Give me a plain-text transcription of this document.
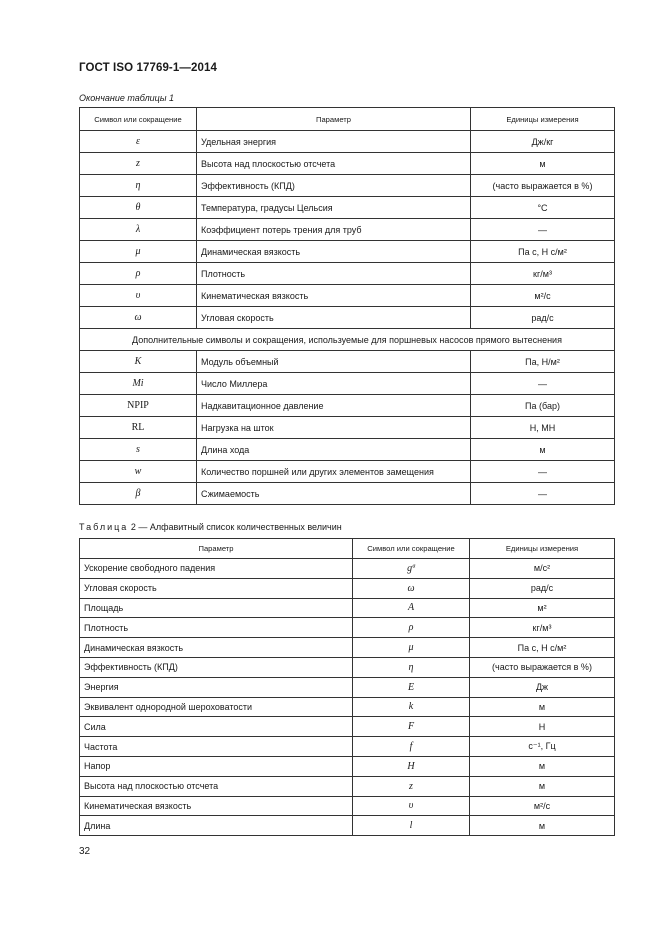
ГОСТ ISO 17769-1—2014
Окончание таблицы 1
Символ или сокращение	Параметр	Единицы измерения
ε	Удельная энергия	Дж/кг
z	Высота над плоскостью отсчета	м
η	Эффективность (КПД)	(часто выражается в %)
θ	Температура, градусы Цельсия	°C
λ	Коэффициент потерь трения для труб	—
μ	Динамическая вязкость	Па с, Н с/м²
ρ	Плотность	кг/м³
υ	Кинематическая вязкость	м²/с
ω	Угловая скорость	рад/с
Дополнительные символы и сокращения, используемые для поршневых насосов прямого вытеснения		
K	Модуль объемный	Па, Н/м²
Mi	Число Миллера	—
NPIP	Надкавитационное давление	Па (бар)
RL	Нагрузка на шток	Н, МН
s	Длина хода	м
w	Количество поршней или других элементов замещения	—
β	Сжимаемость	—
Таблица 2 — Алфавитный список количественных величин
Параметр	Символ или сокращение	Единицы измерения
Ускорение свободного падения	gª	м/с²
Угловая скорость	ω	рад/с
Площадь	A	м²
Плотность	ρ	кг/м³
Динамическая вязкость	μ	Па с, Н с/м²
Эффективность (КПД)	η	(часто выражается в %)
Энергия	E	Дж
Эквивалент однородной шероховатости	k	м
Сила	F	Н
Частота	f	с⁻¹, Гц
Напор	H	м
Высота над плоскостью отсчета	z	м
Кинематическая вязкость	υ	м²/с
Длина	l	м
32
